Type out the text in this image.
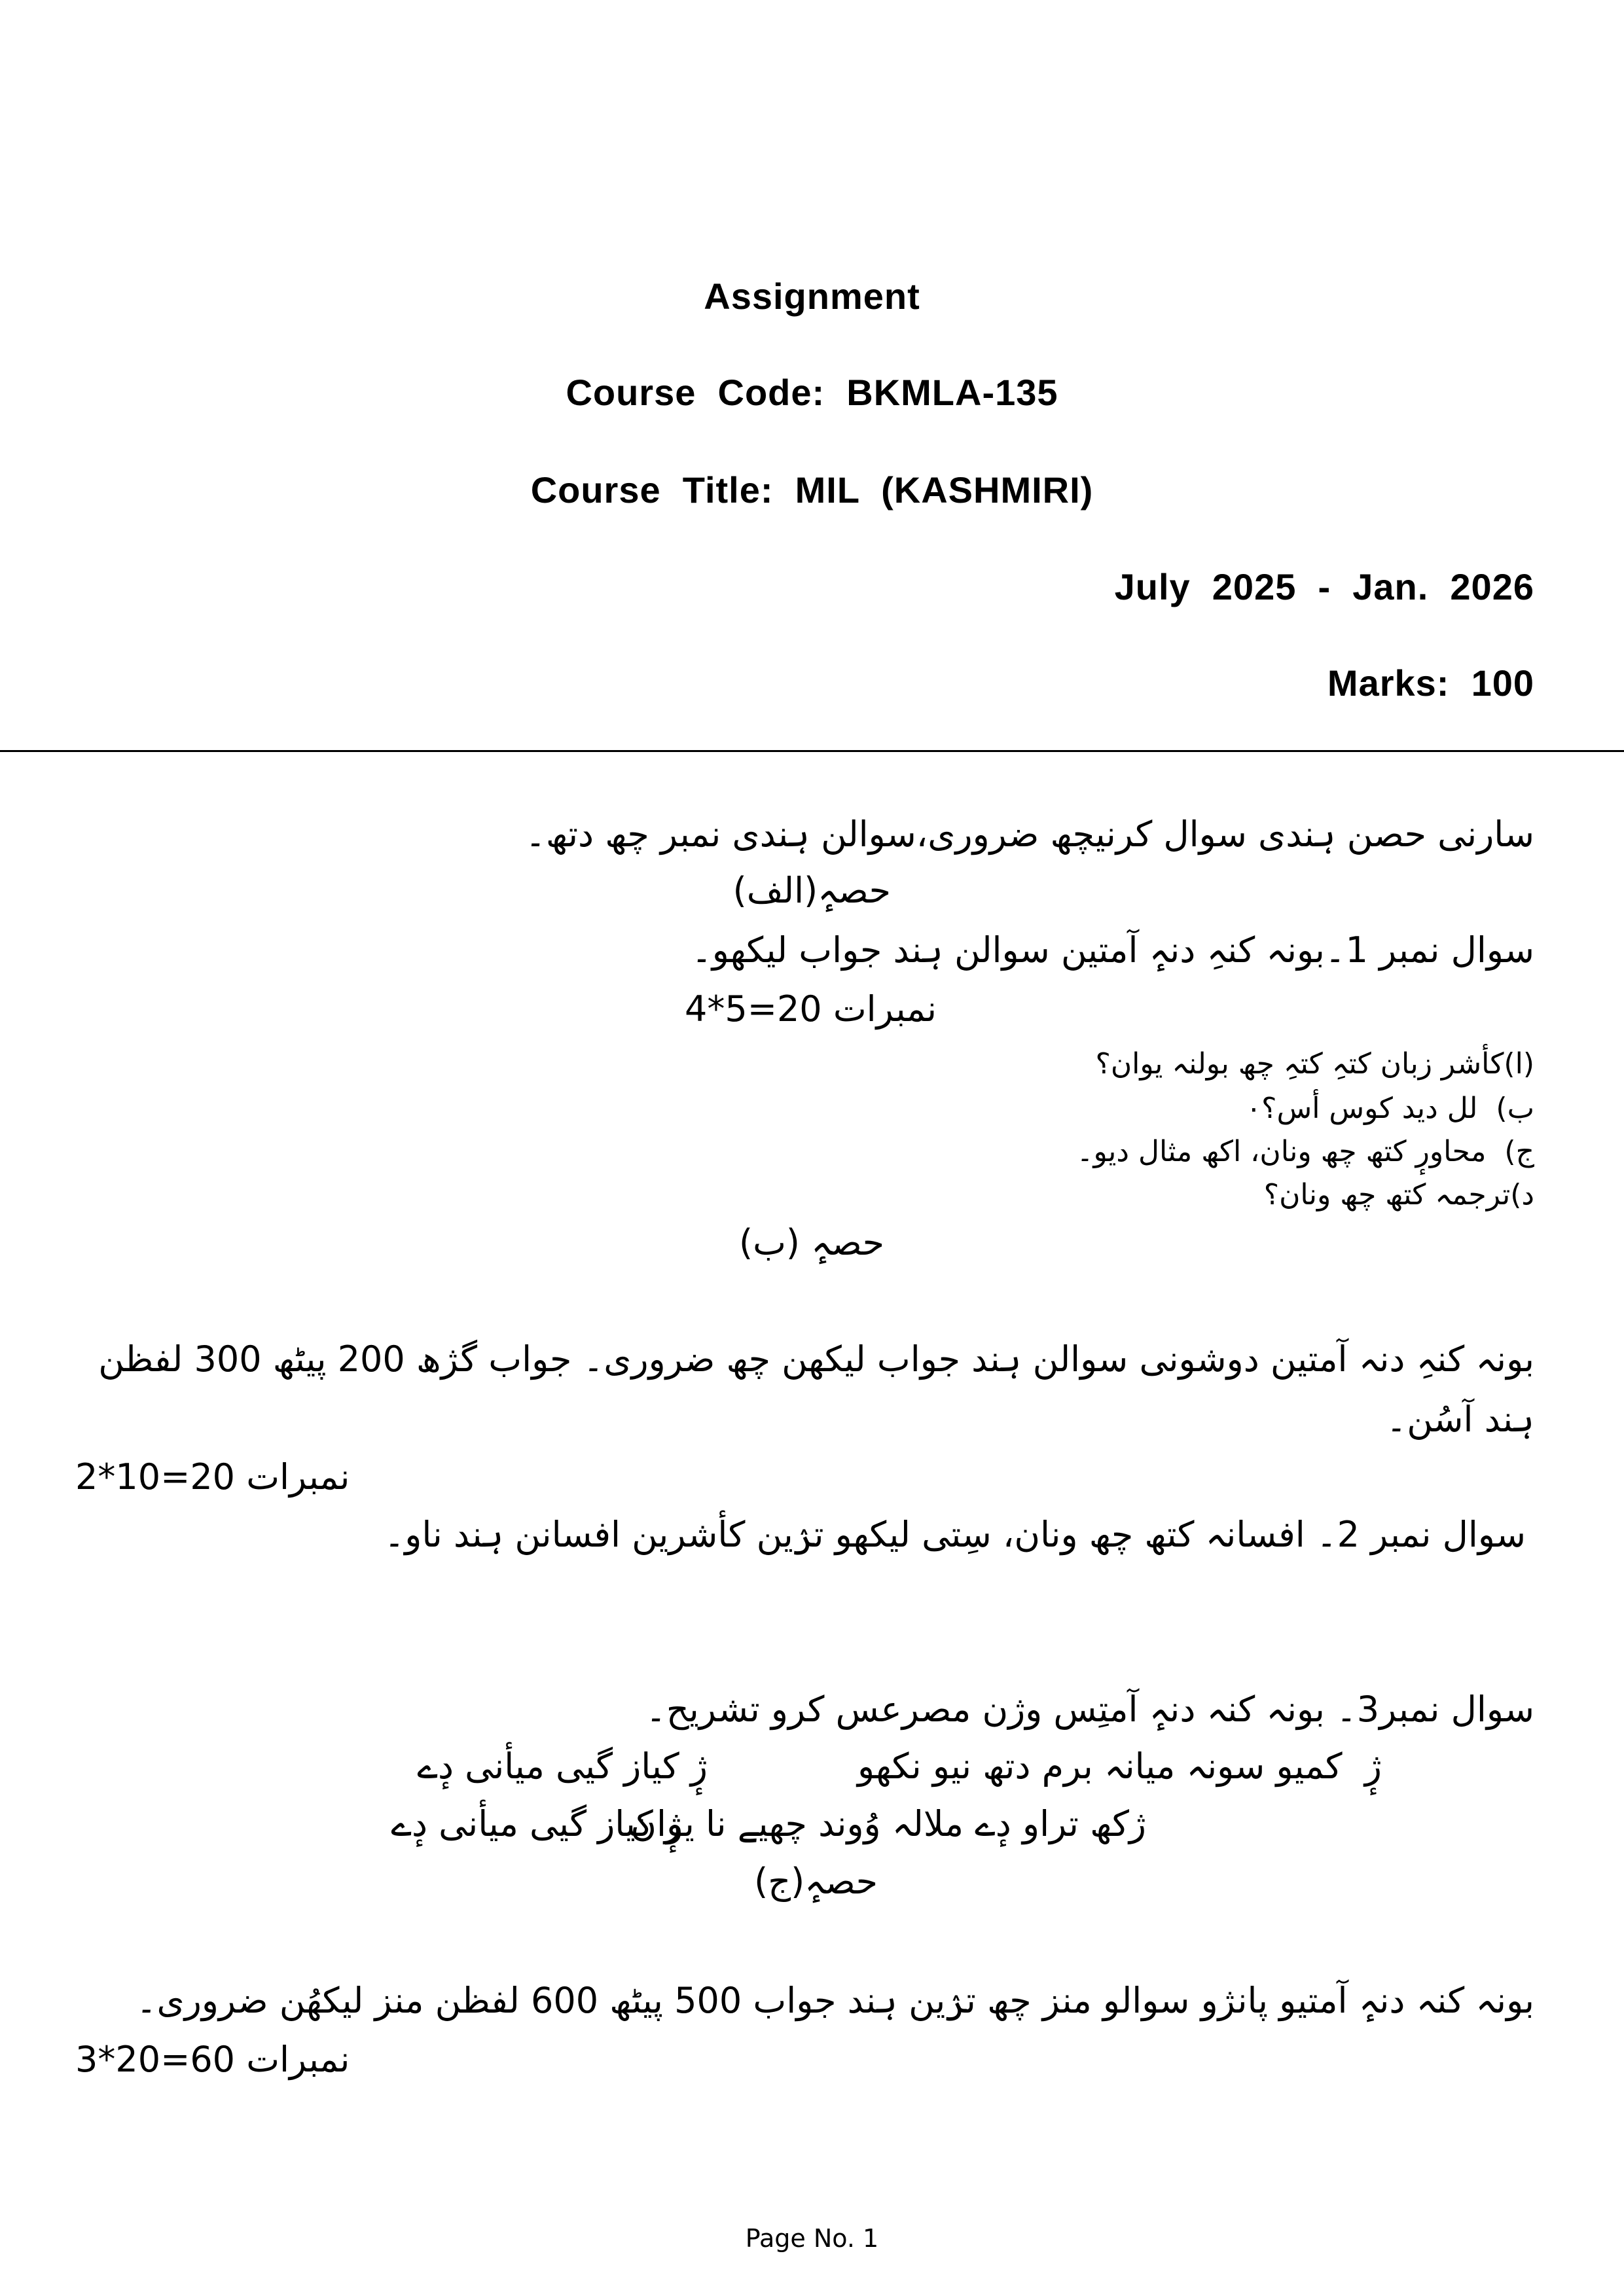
Assignment
Course  Code:  BKMLA-135
Course  Title:  MIL  (KASHMIRI)
July  2025  -  Jan.  2026
Marks:  100
سارنی حصن ہندی سوال کرنیچھ ضروری،سوالن ہندی نمبر چھ دتھ۔
حصہٕ(الف)
سوال نمبر 1۔بونہ کنہِ دنہٕ آمتین سوالن ہند جواب لیکھو۔
نمبرات 20=5*4
(ا)کأشر زبان کتہِ کتہِ چھ بولنہ یوان؟
ب)  لل دید کوس أس؟۰
ج)  محاورٕ کتھ چھ ونان، اکھ مثال دیو۔
د)ترجمہ کتھ چھ ونان؟
حصہٕ (ب)
بونہ کنہِ دنہ آمتین دوشونی سوالن ہند جواب لیکھن چھ ضروری۔ جواب گژھ 200 پیٹھ 300 لفظن
ہند آسُن۔
نمبرات 20=10*2
سوال نمبر 2۔ افسانہ کتھ چھ ونان، سِتی لیکھو ترٛین کأشرین افسانن ہند ناو۔
سوال نمبر3۔ بونہ کنہ دنہٕ آمتِس وژن مصرعس کرو تشریح۔
ژٕ  کمیو سونہ میانہ برم دتھ نیو نکھو
ژٕ کیاز گیی میأنی دٕے
ژکھ تراو دٕے ملالہ وُوند چھیے نا یوان
ژٕ کیاز گیی میأنی دٕے
حصہٕ(ج)
بونہ کنہ دنہٕ آمتیو پانژو سوالو منز چھ ترٛین ہند جواب 500 پیٹھ 600 لفظن منز لیکھُن ضروری۔
نمبرات 60=20*3
Page No. 1
